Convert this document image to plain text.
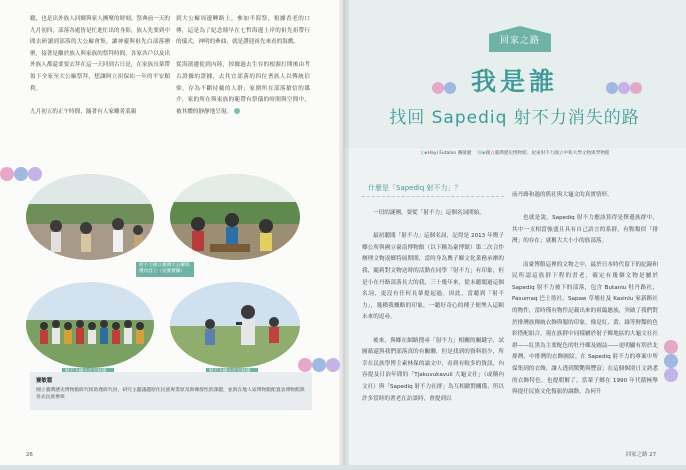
聽，也是出外族人回鄉與家人團聚的時刻。祭典前一天的九月初四，部落各處皆是忙進忙出的身影，族人先要到中間去研讀到部落的大公廨會集，讓神靈與祖先白部落團聚，接著是離於族人與家族的祭拜時間，各家各戶以及出外族人都還要要去拜在這一天回到古日是，在家族長輩帶領下全家至大公廨祭拜，想讓阿立祖保佑一年的平安順利。

九月初五的正午時間，隨著有人家雕菁菜親

到大公廨周邊轉路上，參加半海祭，根據香老的口傳，這是為了紀念鼎早在七哲海邊上岸的祖先祖帶行的儀式，神明的牽曲，就是讚迎祖先來看的海戲。

從海濱遷徙到內陸，掠據過去生存的根源打開後由考古證據的證據，去其宜部落的四位耆族人以傳統信仰，存為不斷持戴的人群；家圍所在部落搶信的媒介，家的所在與家族的範帶有祭儀的時間與空間中，被其體的靜靜地呈現。

射不力國立臺灣大公廨與禮內容上（吳雅薈攝）
賽敏麗
國立臺灣歷史博物館研究組助理研究員，研究主題議題原住民族專業原及與傳群性的課題，並與在地人家博物館配置表博物館與各式民族參與
26
回家之路
我是誰
找回 Sapediq 射不力消失的路
文◆Hayi Futalan 賽敏麗 圖◆國立臺灣歷史博物館．屋東射不力國立中和大學文物與學物館
什麼是「Sapediq 射不力」？

一切的謎團，要從「射不力」這個名詞開始。

最初聽聞「射不力」這個名詞，記得是 2013 年輿子鄉公所與國立臺南博物館（以下稱為臺博館）第二次合作辦理文物返鄉特展期間，當時身為輿子鄉文化業務承辦的我，隨莉對文物送時的活動在同學「射不力」有印象，但是小在丹路部落長大的我，三十幾年來，從未聽聞過這個名詞，更沒有任何長輩提起過。因此，當聽到「射不力」，幾種我概略的印象，一聽好奇心的種子便埋入這顆未來的追尋。

後來，與鄉在網路搜尋「射不力」相關的關鍵字，試圖藉還與我們部落真的有關聯，但是找到的資料很少，所幸在民族學博主素林保的論文中，看到有較多的資訊，內容提及日治年間的「Tjakuvukavuli 大龜文社」（或稱內文社）與「Sapediq 射不力社群」為互相敵對關係，所以許多當時的著老在訪談時，會提到以

前丹路和過的舊社與大龜文的真實情形。

也就是說，Sapediq 射不力應該算得是擇邊族群中，其中一支相當強盛且具有自己語言的系群，有點類似「排灣」的存在；就稱大大小小的族部落。

而臺博館這裡的文物之中，最於日本時代留下的紀錄和民所認這族群下程的書老，確定有幾個文物是屬於 Sapediq 射不力被下的部落，包含 Butanlu 牡丹路社、Pasumaq 巴士墨社、Sapaw 草埔社及 Kasinlu 家新路社的物件，當時僅有物件記載出來的祖臨應族，突破了我們對於排灣族傳統衣飾與服的印象，像是紅、黃、綠等鮮豔的色彩搭配組合，現在族群中同樣屬於射子鄉地區的大龜文社社群——紅黑為主要配色的牡丹鄉及圖誌——更明顯有別於北排灣、中排灣的衣飾圖紋。在 Sapediq 射不力的專案中所保集到的衣飾，讓人透到驚艷與豐富；在這個個別日文熟悉的衣飾特色，也提朝解了，當輩子鄉在 1990 年代積極舉與提任民族文化復振的調動，為何升

回家之路 27
